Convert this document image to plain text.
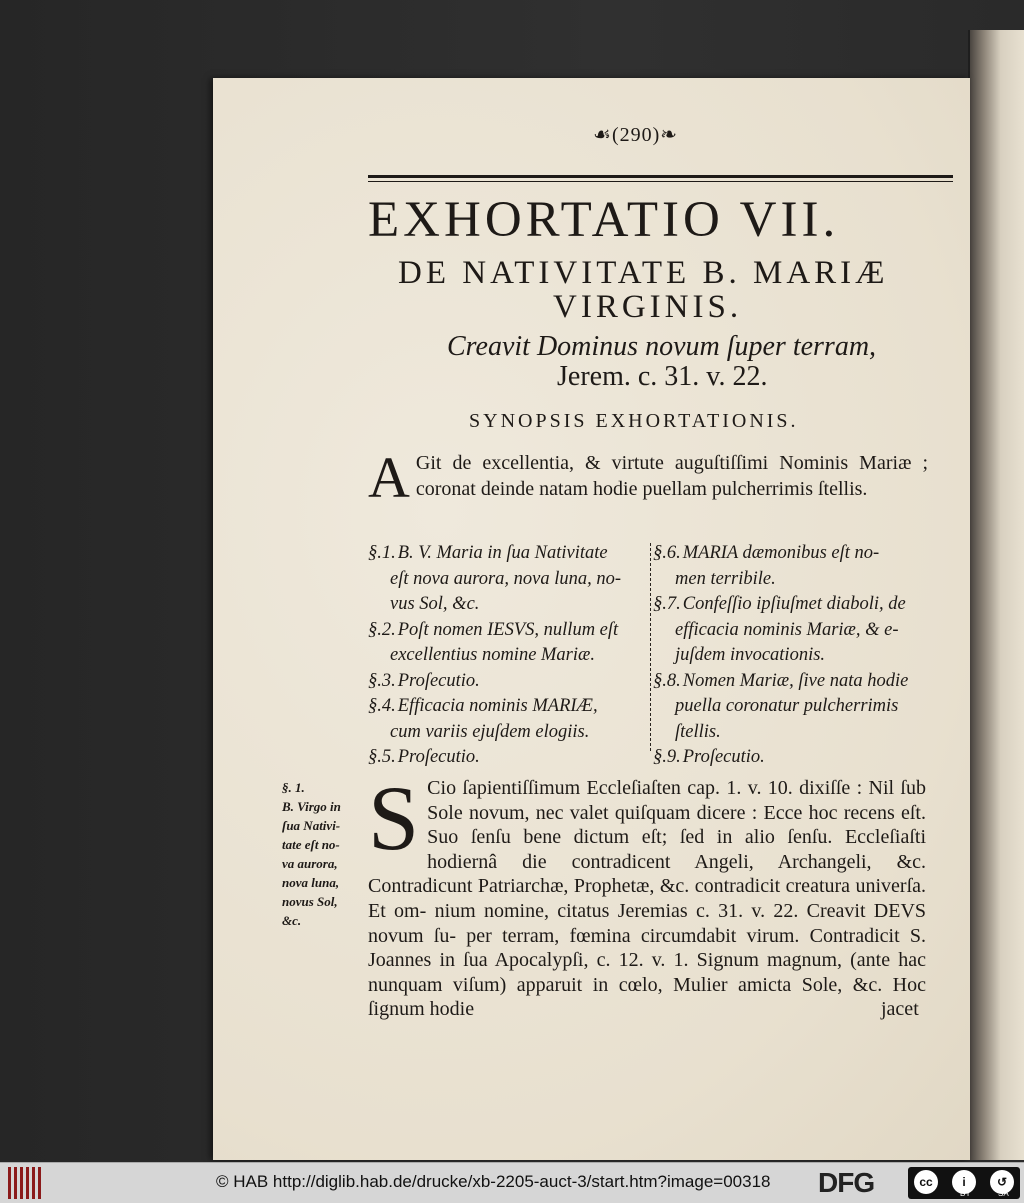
☙(290)❧
EXHORTATIO VII.
DE NATIVITATE B. MARIÆ
VIRGINIS.
Creavit Dominus novum ſuper terram,
Jerem. c. 31. v. 22.
SYNOPSIS EXHORTATIONIS.
A Git de excellentia, & virtute auguſtiſſimi Nominis Mariæ ; coronat deinde natam hodie puellam pulcherrimis ſtellis.
§.1. B. V. Maria in ſua Nativitate
eſt nova aurora, nova luna, no-
vus Sol, &c.
§.2. Poſt nomen IESVS, nullum eſt
excellentius nomine Mariæ.
§.3. Proſecutio.
§.4. Efficacia nominis MARIÆ,
cum variis ejuſdem elogiis.
§.5. Proſecutio.
§.6. MARIA dæmonibus eſt no-
men terribile.
§.7. Confeſſio ipſiuſmet diaboli, de
efficacia nominis Mariæ, & e-
juſdem invocationis.
§.8. Nomen Mariæ, ſive nata hodie
puella coronatur pulcherrimis
ſtellis.
§.9. Proſecutio.
§. 1.
B. Virgo in
ſua Nativi-
tate eſt no-
va aurora,
nova luna,
novus Sol,
&c.
S Cio ſapientiſſimum Eccleſiaſten cap. 1. v. 10. dixiſſe : Nil ſub Sole novum, nec valet quiſquam dicere : Ecce hoc recens eſt. Suo ſenſu bene dictum eſt; ſed in alio ſenſu. Eccleſiaſti hodiernâ die contradicent Angeli, Archangeli, &c. Contradicunt Patriarchæ, Prophetæ, &c. contradicit creatura univerſa. Et om- nium nomine, citatus Jeremias c. 31. v. 22. Creavit DEVS novum ſu- per terram, fœmina circumdabit virum. Contradicit S. Joannes in ſua Apocalypſi, c. 12. v. 1. Signum magnum, (ante hac nunquam viſum) apparuit in cœlo, Mulier amicta Sole, &c. Hoc ſignum hodie	jacet
© HAB http://diglib.hab.de/drucke/xb-2205-auct-3/start.htm?image=00318 DFG	cc	i	↺
BY	SA
